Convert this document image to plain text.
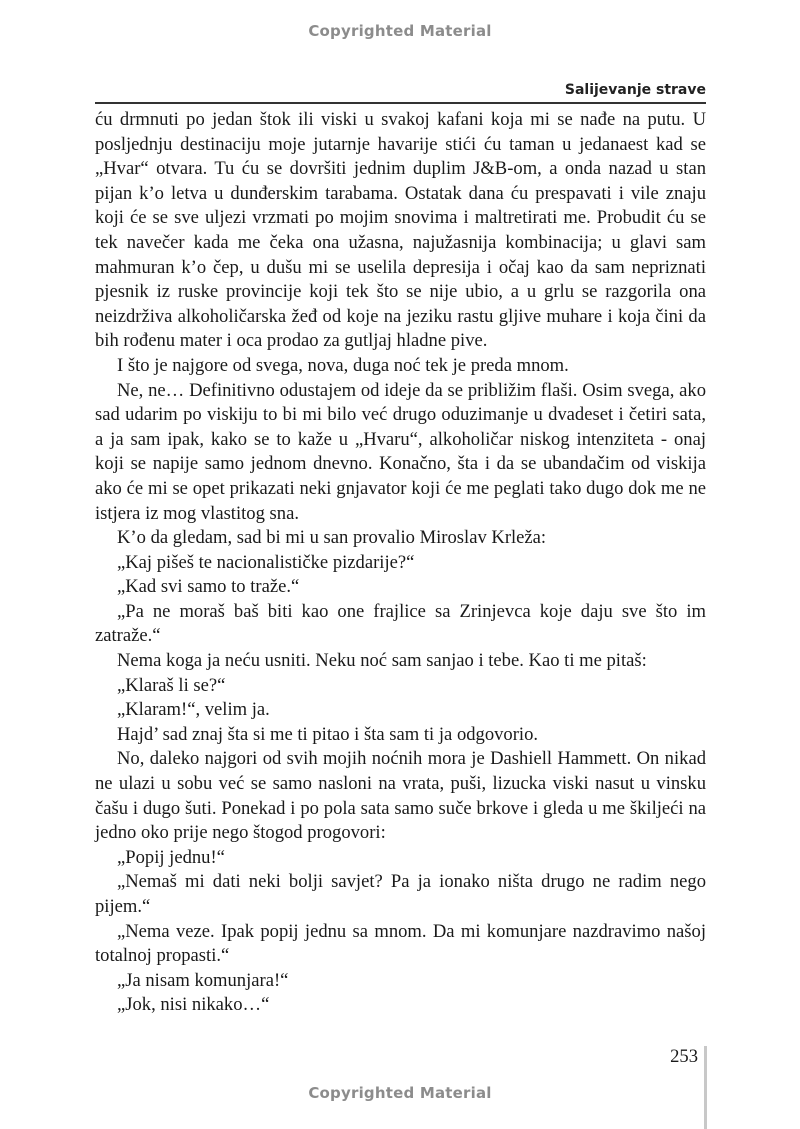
Copyrighted Material
Salijevanje strave

ću drmnuti po jedan štok ili viski u svakoj kafani koja mi se nađe na putu. U posljednju destinaciju moje jutarnje havarije stići ću taman u jedanaest kad se „Hvar“ otvara. Tu ću se dovršiti jednim duplim J&B-om, a onda nazad u stan pijan k’o letva u dunđerskim tarabama. Ostatak dana ću prespavati i vile znaju koji će se sve uljezi vrzmati po mojim snovima i maltretirati me. Probudit ću se tek navečer kada me čeka ona užasna, najužasnija kombinacija; u glavi sam mahmuran k’o čep, u dušu mi se uselila depresija i očaj kao da sam nepriznati pjesnik iz ruske provincije koji tek što se nije ubio, a u grlu se razgorila ona neizdrživa alkoholičarska žeđ od koje na jeziku rastu gljive muhare i koja čini da bih rođenu mater i oca prodao za gutljaj hladne pive.

I što je najgore od svega, nova, duga noć tek je preda mnom.

Ne, ne… Definitivno odustajem od ideje da se približim flaši. Osim svega, ako sad udarim po viskiju to bi mi bilo već drugo oduzimanje u dvadeset i četiri sata, a ja sam ipak, kako se to kaže u „Hvaru“, alkoholičar niskog intenziteta - onaj koji se napije samo jednom dnevno. Konačno, šta i da se ubandačim od viskija ako će mi se opet prikazati neki gnjavator koji će me peglati tako dugo dok me ne istjera iz mog vlastitog sna.

K’o da gledam, sad bi mi u san provalio Miroslav Krleža:

„Kaj pišeš te nacionalističke pizdarije?“

„Kad svi samo to traže.“

„Pa ne moraš baš biti kao one frajlice sa Zrinjevca koje daju sve što im zatraže.“

Nema koga ja neću usniti. Neku noć sam sanjao i tebe. Kao ti me pitaš:

„Klaraš li se?“

„Klaram!“, velim ja.

Hajd’ sad znaj šta si me ti pitao i šta sam ti ja odgovorio.

No, daleko najgori od svih mojih noćnih mora je Dashiell Hammett. On nikad ne ulazi u sobu već se samo nasloni na vrata, puši, lizucka viski nasut u vinsku čašu i dugo šuti. Ponekad i po pola sata samo suče brkove i gleda u me škiljeći na jedno oko prije nego štogod progovori:

„Popij jednu!“

„Nemaš mi dati neki bolji savjet? Pa ja ionako ništa drugo ne radim nego pijem.“

„Nema veze. Ipak popij jednu sa mnom. Da mi komunjare nazdravimo našoj totalnoj propasti.“

„Ja nisam komunjara!“

„Jok, nisi nikako…“

253
Copyrighted Material
